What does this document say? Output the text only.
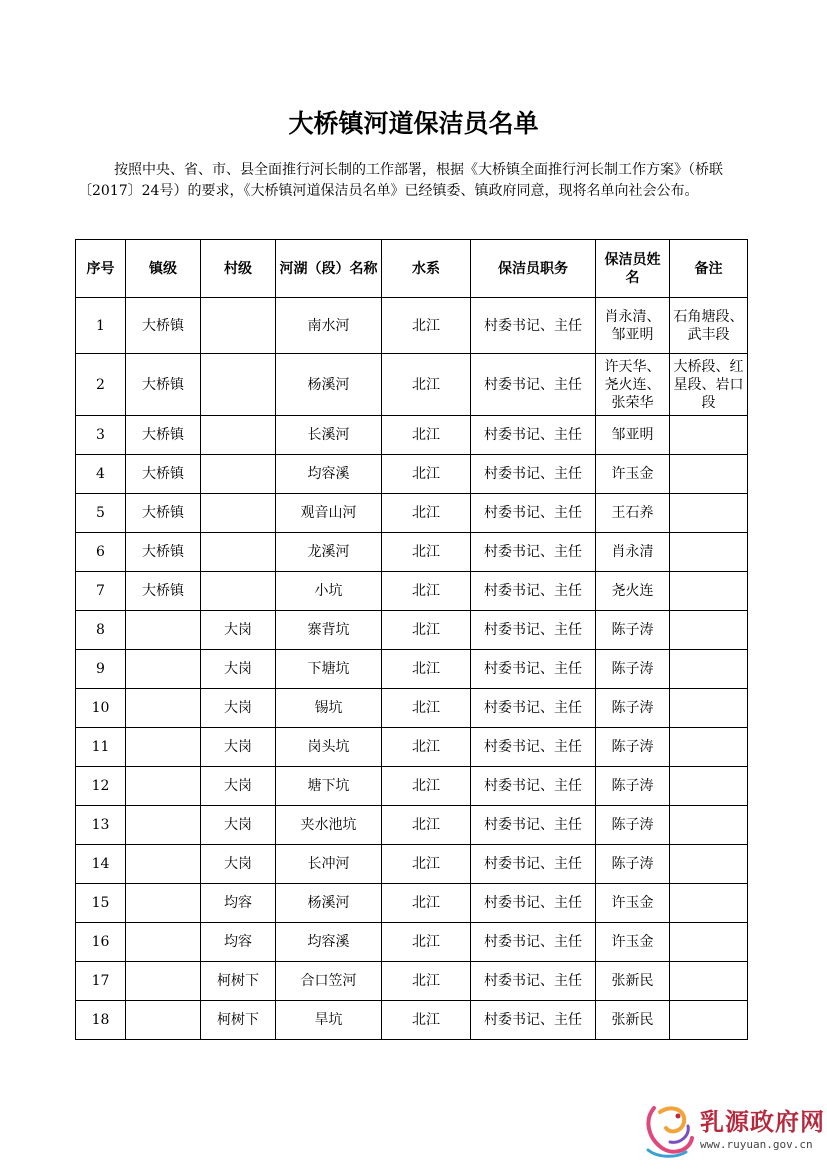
大桥镇河道保洁员名单
按照中央、省、市、县全面推行河长制的工作部署，根据《大桥镇全面推行河长制工作方案》（桥联〔2017〕24号）的要求，《大桥镇河道保洁员名单》已经镇委、镇政府同意，现将名单向社会公布。
序号	镇级	村级	河湖（段）名称	水系	保洁员职务	保洁员姓名	备注
1	大桥镇		南水河	北江	村委书记、主任	肖永清、邹亚明	石角塘段、武丰段
2	大桥镇		杨溪河	北江	村委书记、主任	许天华、尧火连、张荣华	大桥段、红星段、岩口段
3	大桥镇		长溪河	北江	村委书记、主任	邹亚明	
4	大桥镇		均容溪	北江	村委书记、主任	许玉金	
5	大桥镇		观音山河	北江	村委书记、主任	王石养	
6	大桥镇		龙溪河	北江	村委书记、主任	肖永清	
7	大桥镇		小坑	北江	村委书记、主任	尧火连	
8		大岗	寨背坑	北江	村委书记、主任	陈子涛	
9		大岗	下塘坑	北江	村委书记、主任	陈子涛	
10		大岗	锡坑	北江	村委书记、主任	陈子涛	
11		大岗	岗头坑	北江	村委书记、主任	陈子涛	
12		大岗	塘下坑	北江	村委书记、主任	陈子涛	
13		大岗	夹水池坑	北江	村委书记、主任	陈子涛	
14		大岗	长冲河	北江	村委书记、主任	陈子涛	
15		均容	杨溪河	北江	村委书记、主任	许玉金	
16		均容	均容溪	北江	村委书记、主任	许玉金	
17		柯树下	合口笠河	北江	村委书记、主任	张新民	
18		柯树下	旱坑	北江	村委书记、主任	张新民	
乳源政府网
www.ruyuan.gov.cn
